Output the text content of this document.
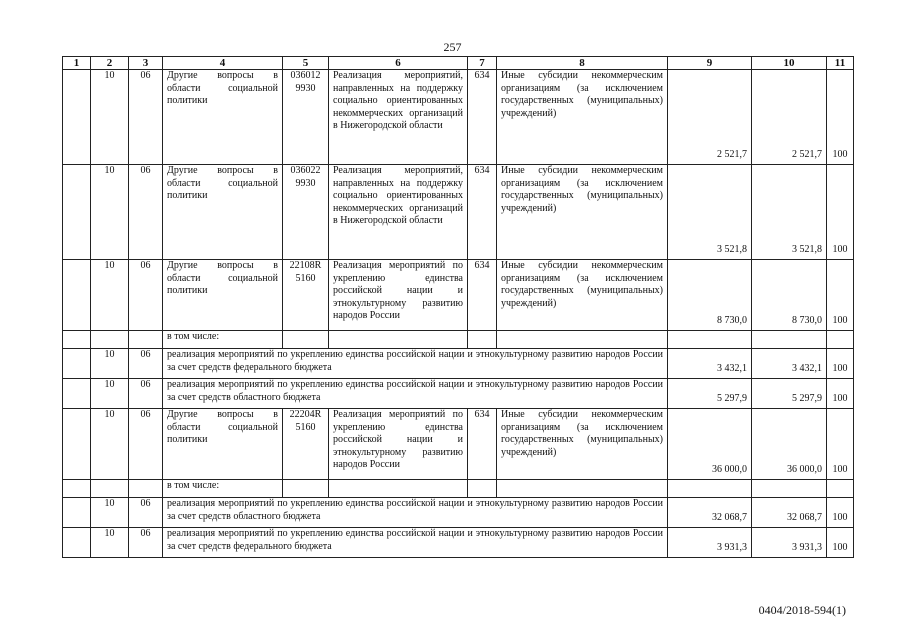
257
1	2	3	4	5	6	7	8	9	10	11
	10	06	Другие вопросы в области социальной политики	036012 9930	Реализация мероприятий, направленных на поддержку социально ориентированных некоммерческих организаций в Нижегородской области	634	Иные субсидии некоммерческим организациям (за исключением государственных (муниципальных) учреждений)	2 521,7	2 521,7	100
	10	06	Другие вопросы в области социальной политики	036022 9930	Реализация мероприятий, направленных на поддержку социально ориентированных некоммерческих организаций в Нижегородской области	634	Иные субсидии некоммерческим организациям (за исключением государственных (муниципальных) учреждений)	3 521,8	3 521,8	100
	10	06	Другие вопросы в области социальной политики	22108R 5160	Реализация мероприятий по укреплению единства российской нации и этнокультурному развитию народов России	634	Иные субсидии некоммерческим организациям (за исключением государственных (муниципальных) учреждений)	8 730,0	8 730,0	100
			в том числе:							
	10	06	реализация мероприятий по укреплению единства российской нации и этнокультурному развитию народов России за счет средств федерального бюджета					3 432,1	3 432,1	100
	10	06	реализация мероприятий по укреплению единства российской нации и этнокультурному развитию народов России за счет средств областного бюджета					5 297,9	5 297,9	100
	10	06	Другие вопросы в области социальной политики	22204R 5160	Реализация мероприятий по укреплению единства российской нации и этнокультурному развитию народов России	634	Иные субсидии некоммерческим организациям (за исключением государственных (муниципальных) учреждений)	36 000,0	36 000,0	100
			в том числе:							
	10	06	реализация мероприятий по укреплению единства российской нации и этнокультурному развитию народов России за счет средств областного бюджета					32 068,7	32 068,7	100
	10	06	реализация мероприятий по укреплению единства российской нации и этнокультурному развитию народов России за счет средств федерального бюджета					3 931,3	3 931,3	100
0404/2018-594(1)
